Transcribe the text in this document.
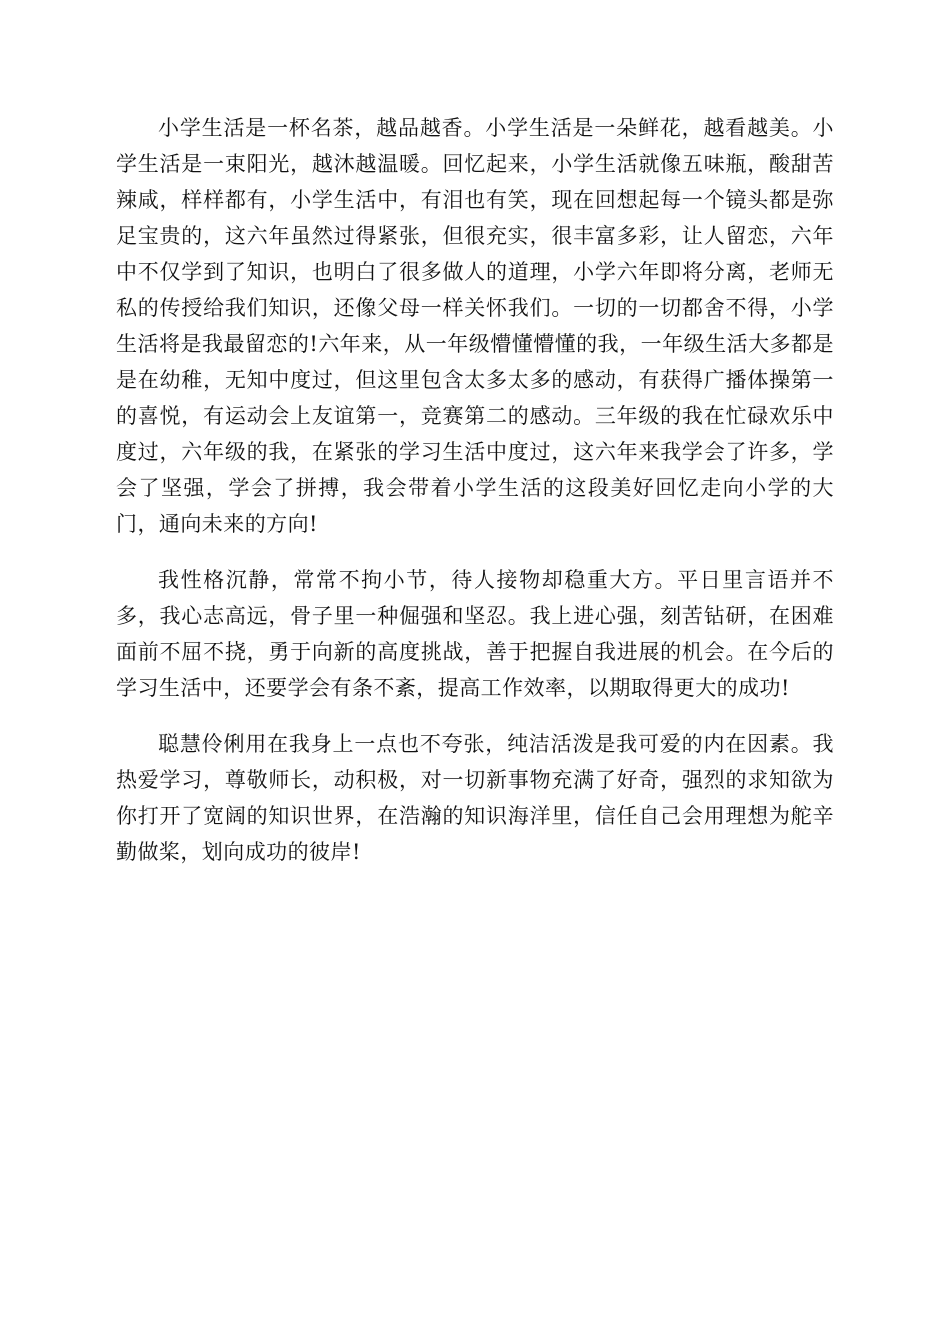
小学生活是一杯名茶，越品越香。小学生活是一朵鲜花，越看越美。小学生活是一束阳光，越沐越温暖。回忆起来，小学生活就像五味瓶，酸甜苦辣咸，样样都有，小学生活中，有泪也有笑，现在回想起每一个镜头都是弥足宝贵的，这六年虽然过得紧张，但很充实，很丰富多彩，让人留恋，六年中不仅学到了知识，也明白了很多做人的道理，小学六年即将分离，老师无私的传授给我们知识，还像父母一样关怀我们。一切的一切都舍不得，小学生活将是我最留恋的!六年来，从一年级懵懂懵懂的我，一年级生活大多都是是在幼稚，无知中度过，但这里包含太多太多的感动，有获得广播体操第一的喜悦，有运动会上友谊第一，竞赛第二的感动。三年级的我在忙碌欢乐中度过，六年级的我，在紧张的学习生活中度过，这六年来我学会了许多，学会了坚强，学会了拼搏，我会带着小学生活的这段美好回忆走向小学的大门，通向未来的方向!

我性格沉静，常常不拘小节，待人接物却稳重大方。平日里言语并不多，我心志高远，骨子里一种倔强和坚忍。我上进心强，刻苦钻研，在困难面前不屈不挠，勇于向新的高度挑战，善于把握自我进展的机会。在今后的学习生活中，还要学会有条不紊，提高工作效率，以期取得更大的成功!

聪慧伶俐用在我身上一点也不夸张，纯洁活泼是我可爱的内在因素。我热爱学习，尊敬师长，动积极，对一切新事物充满了好奇，强烈的求知欲为你打开了宽阔的知识世界，在浩瀚的知识海洋里，信任自己会用理想为舵辛勤做桨，划向成功的彼岸!
